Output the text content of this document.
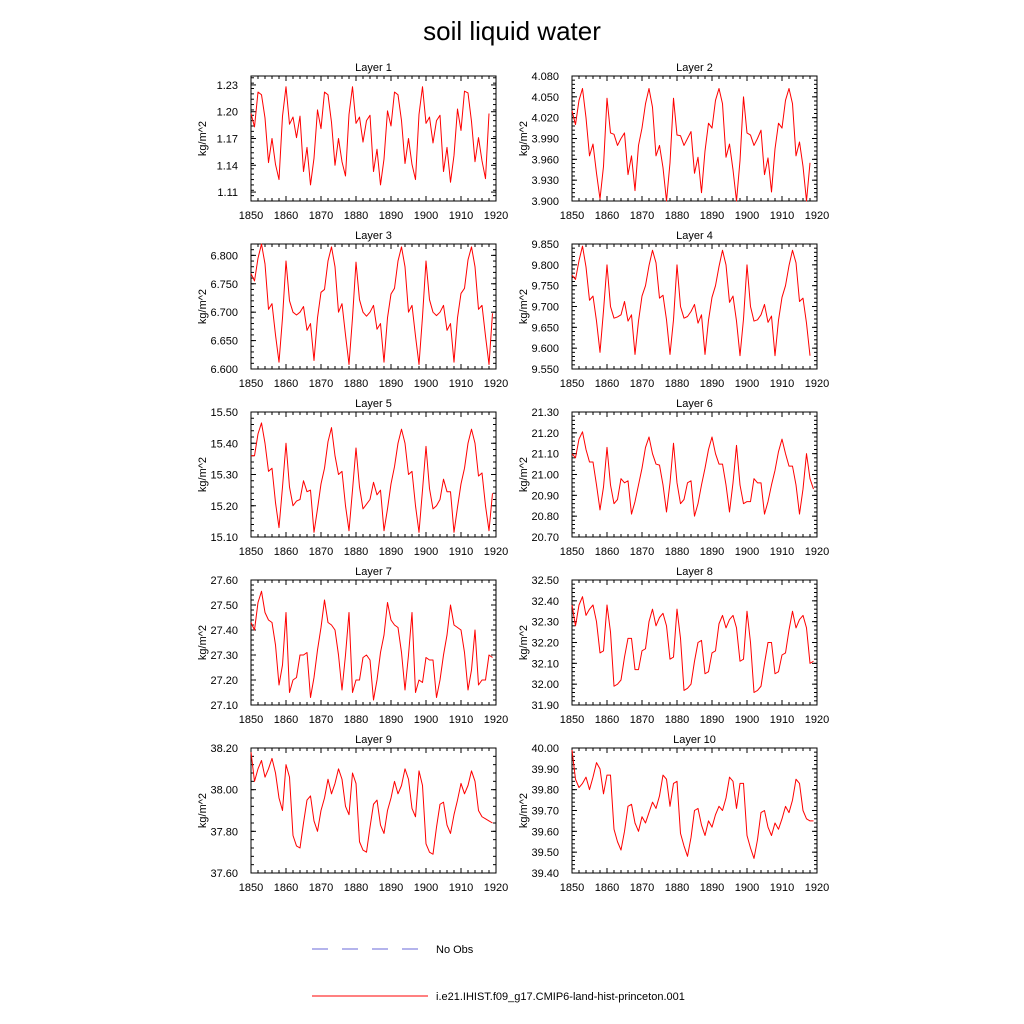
soil liquid water
Layer 1
kg/m^2
1850 1860 1870 1880 1890 1900 1910 1920
1.11
1.14
1.17
1.20
1.23
Layer 2
kg/m^2
1850 1860 1870 1880 1890 1900 1910 1920
3.900
3.930
3.960
3.990
4.020
4.050
4.080
Layer 3
kg/m^2
1850 1860 1870 1880 1890 1900 1910 1920
6.600
6.650
6.700
6.750
6.800
Layer 4
kg/m^2
1850 1860 1870 1880 1890 1900 1910 1920
9.550
9.600
9.650
9.700
9.750
9.800
9.850
Layer 5
kg/m^2
1850 1860 1870 1880 1890 1900 1910 1920
15.10
15.20
15.30
15.40
15.50
Layer 6
kg/m^2
1850 1860 1870 1880 1890 1900 1910 1920
20.70
20.80
20.90
21.00
21.10
21.20
21.30
Layer 7
kg/m^2
1850 1860 1870 1880 1890 1900 1910 1920
27.10
27.20
27.30
27.40
27.50
27.60
Layer 8
kg/m^2
1850 1860 1870 1880 1890 1900 1910 1920
31.90
32.00
32.10
32.20
32.30
32.40
32.50
Layer 9
kg/m^2
1850 1860 1870 1880 1890 1900 1910 1920
37.60
37.80
38.00
38.20
Layer 10
kg/m^2
1850 1860 1870 1880 1890 1900 1910 1920
39.40
39.50
39.60
39.70
39.80
39.90
40.00
No Obs
i.e21.IHIST.f09_g17.CMIP6-land-hist-princeton.001
